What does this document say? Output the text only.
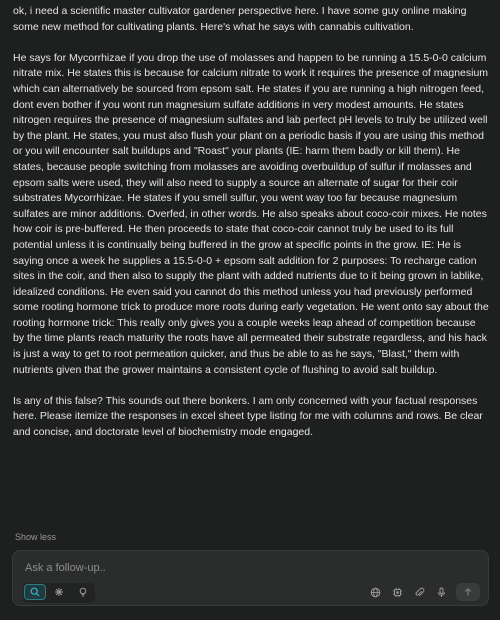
ok, i need a scientific master cultivator gardener perspective here. I have some guy online making some new method for cultivating plants. Here's what he says with cannabis cultivation.

He says for Mycorrhizae if you drop the use of molasses and happen to be running a 15.5-0-0 calcium nitrate mix. He states this is because for calcium nitrate to work it requires the presence of magnesium which can alternatively be sourced from epsom salt. He states if you are running a high nitrogen feed, dont even bother if you wont run magnesium sulfate additions in very modest amounts. He states nitrogen requires the presence of magnesium sulfates and lab perfect pH levels to truly be utilized well by the plant. He states, you must also flush your plant on a periodic basis if you are using this method or you will encounter salt buildups and "Roast" your plants (IE: harm them badly or kill them). He states, because people switching from molasses are avoiding overbuildup of sulfur if molasses and epsom salts were used, they will also need to supply a source an alternate of sugar for their coir substrates Mycorrhizae. He states if you smell sulfur, you went way too far because magnesium sulfates are minor additions. Overfed, in other words. He also speaks about coco-coir mixes. He notes how coir is pre-buffered. He then proceeds to state that coco-coir cannot truly be used to its full potential unless it is continually being buffered in the grow at specific points in the grow. IE: He is saying once a week he supplies a 15.5-0-0 + epsom salt addition for 2 purposes: To recharge cation sites in the coir, and then also to supply the plant with added nutrients due to it being grown in lablike, idealized conditions. He even said you cannot do this method unless you had previously performed some rooting hormone trick to produce more roots during early vegetation. He went onto say about the rooting hormone trick: This really only gives you a couple weeks leap ahead of competition because by the time plants reach maturity the roots have all permeated their substrate regardless, and his hack is just a way to get to root permeation quicker, and thus be able to as he says, "Blast," them with nutrients given that the grower maintains a consistent cycle of flushing to avoid salt buildup.

Is any of this false? This sounds out there bonkers. I am only concerned with your factual responses here. Please itemize the responses in excel sheet type listing for me with columns and rows. Be clear and concise, and doctorate level of biochemistry mode engaged.

Show less
Ask a follow-up..
